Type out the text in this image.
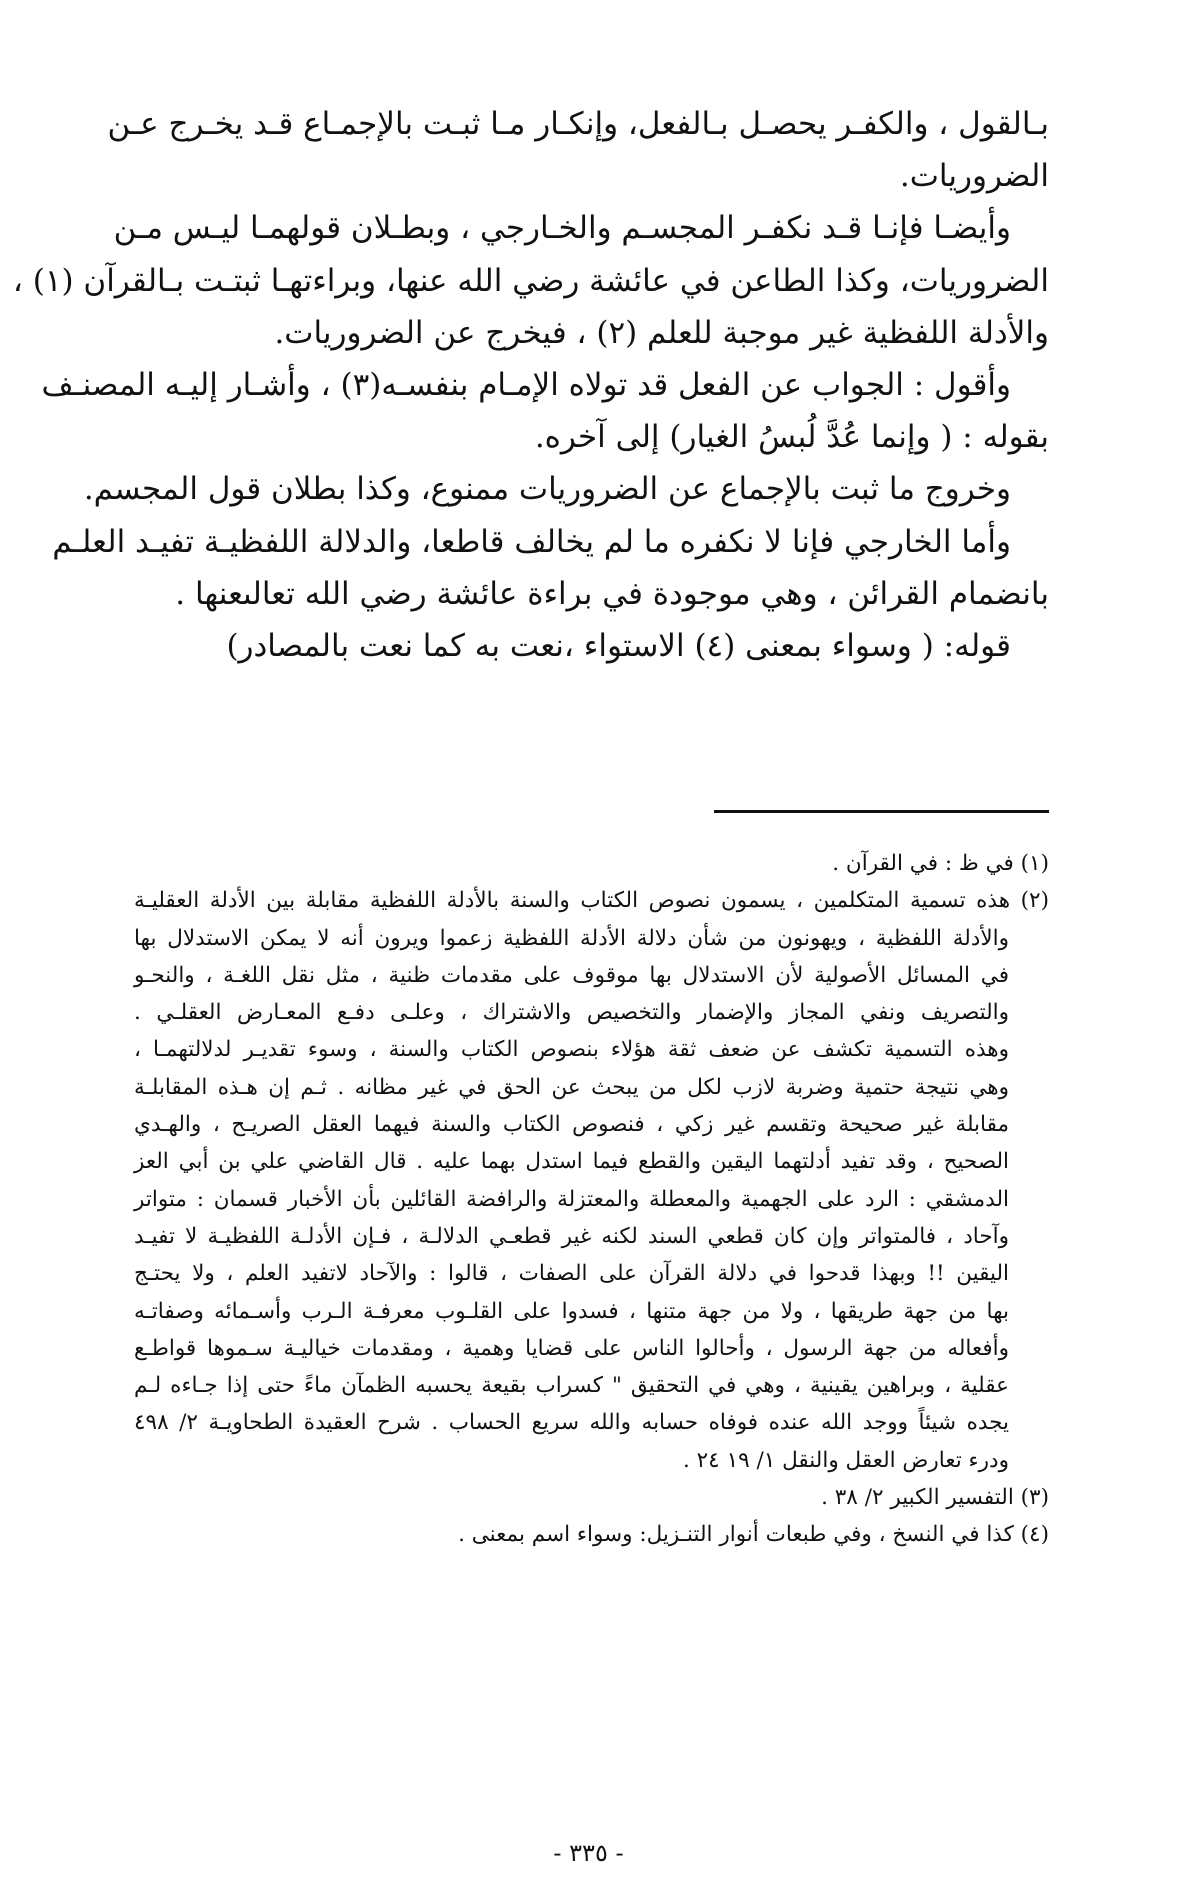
بـالقول ، والكفـر يحصـل بـالفعل، وإنكـار مـا ثبـت بالإجمـاع قـد يخـرج عـن
الضروريات.
وأيضـا فإنـا قـد نكفـر المجسـم والخـارجي ، وبطـلان قولهمـا ليـس مـن
الضروريات، وكذا الطاعن في عائشة رضي الله عنها، وبراءتهـا ثبتـت بـالقرآن (١) ،
والأدلة اللفظية غير موجبة للعلم (٢) ، فيخرج عن الضروريات.
وأقول : الجواب عن الفعل قد تولاه الإمـام بنفسـه(٣) ، وأشـار إليـه المصنـف
بقوله : ( وإنما عُدَّ لُبسُ الغيار) إلى آخره.
وخروج ما ثبت بالإجماع عن الضروريات ممنوع، وكذا بطلان قول المجسم.
وأما الخارجي فإنا لا نكفره ما لم يخالف قاطعا، والدلالة اللفظيـة تفيـد العلـم
بانضمام القرائن ، وهي موجودة في براءة عائشة رضي الله تعالىعنها .
قوله: ( وسواء بمعنى (٤) الاستواء ،نعت به كما نعت بالمصادر)
(١) في ظ : في القرآن .
(٢) هذه تسمية المتكلمين ، يسمون نصوص الكتاب والسنة بالأدلة اللفظية مقابلة بين الأدلة العقليـة
والأدلة اللفظية ، ويهونون من شأن دلالة الأدلة اللفظية زعموا ويرون أنه لا يمكن الاستدلال بها
في المسائل الأصولية لأن الاستدلال بها موقوف على مقدمات ظنية ، مثل نقل اللغـة ، والنحـو
والتصريف ونفي المجاز والإضمار والتخصيص والاشتراك ، وعلـى دفـع المعـارض العقلـي .
وهذه التسمية تكشف عن ضعف ثقة هؤلاء بنصوص الكتاب والسنة ، وسوء تقديـر لدلالتهمـا ،
وهي نتيجة حتمية وضربة لازب لكل من يبحث عن الحق في غير مظانه . ثـم إن هـذه المقابلـة
مقابلة غير صحيحة وتقسم غير زكي ، فنصوص الكتاب والسنة فيهما العقل الصريـح ، والهـدي
الصحيح ، وقد تفيد أدلتهما اليقين والقطع فيما استدل بهما عليه . قال القاضي علي بن أبي العز
الدمشقي : الرد على الجهمية والمعطلة والمعتزلة والرافضة القائلين بأن الأخبار قسمان : متواتر
وآحاد ، فالمتواتر وإن كان قطعي السند لكنه غير قطعـي الدلالـة ، فـإن الأدلـة اللفظيـة لا تفيـد
اليقين !! وبهذا قدحوا في دلالة القرآن على الصفات ، قالوا : والآحاد لاتفيد العلم ، ولا يحتـج
بها من جهة طريقها ، ولا من جهة متنها ، فسدوا على القلـوب معرفـة الـرب وأسـمائه وصفاتـه
وأفعاله من جهة الرسول ، وأحالوا الناس على قضايا وهمية ، ومقدمات خياليـة سـموها قواطـع
عقلية ، وبراهين يقينية ، وهي في التحقيق " كسراب بقيعة يحسبه الظمآن ماءً حتى إذا جـاءه لـم
يجده شيئاً ووجد الله عنده فوفاه حسابه والله سريع الحساب . شرح العقيدة الطحاويـة ٢/ ٤٩٨
ودرء تعارض العقل والنقل ١/ ١٩ ٢٤ .
(٣) التفسير الكبير ٢/ ٣٨ .
(٤) كذا في النسخ ، وفي طبعات أنوار التنـزيل: وسواء اسم بمعنى .
- ٣٣٥ -
